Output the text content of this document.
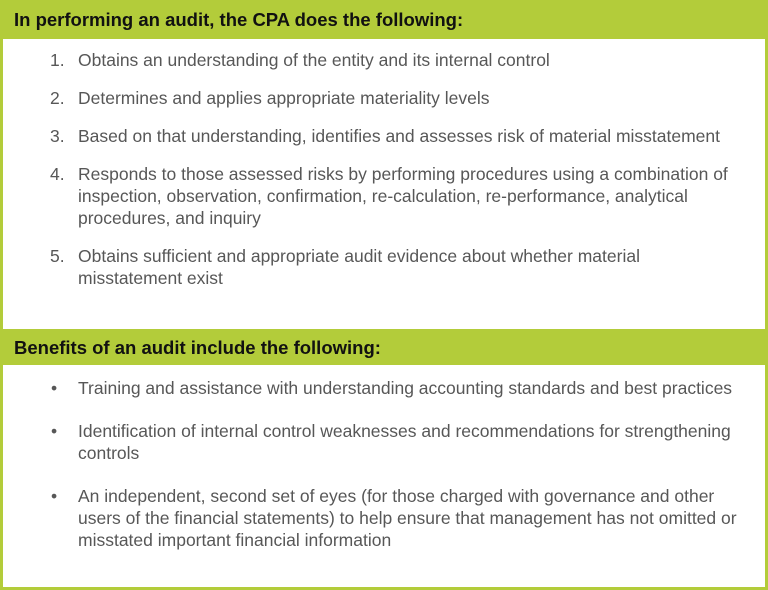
In performing an audit, the CPA does the following:
1. Obtains an understanding of the entity and its internal control
2. Determines and applies appropriate materiality levels
3. Based on that understanding, identifies and assesses risk of material misstatement
4. Responds to those assessed risks by performing procedures using a combination of inspection, observation, confirmation, re-calculation, re-performance, analytical procedures, and inquiry
5. Obtains sufficient and appropriate audit evidence about whether material misstatement exist
Benefits of an audit include the following:
• Training and assistance with understanding accounting standards and best practices
• Identification of internal control weaknesses and recommendations for strengthening controls
• An independent, second set of eyes (for those charged with governance and other users of the financial statements) to help ensure that management has not omitted or misstated important financial information
